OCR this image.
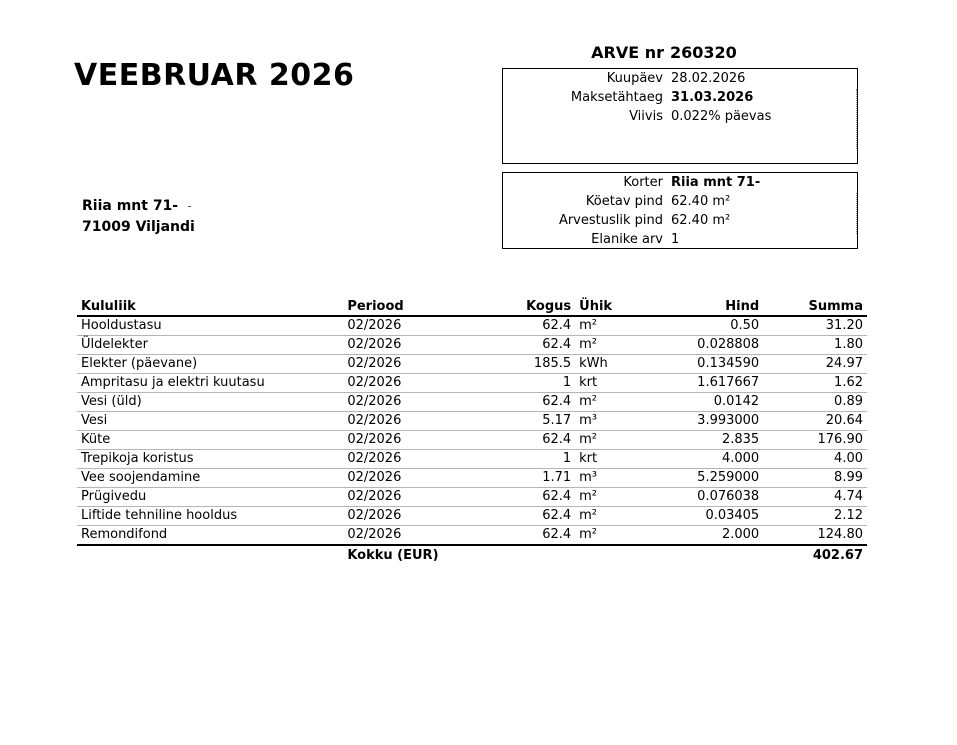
VEEBRUAR 2026
ARVE nr 260320
Kuupäev 28.02.2026
Maksetähtaeg 31.03.2026
Viivis 0.022% päevas
Korter Riia mnt 71-
Köetav pind 62.40 m²
Arvestuslik pind 62.40 m²
Elanike arv 1
Riia mnt 71-
71009 Viljandi
Kululiik	Periood	Kogus	Ühik	Hind	Summa
Hooldustasu	02/2026	62.4	m²	0.50	31.20
Üldelekter	02/2026	62.4	m²	0.028808	1.80
Elekter (päevane)	02/2026	185.5	kWh	0.134590	24.97
Ampritasu ja elektri kuutasu	02/2026	1	krt	1.617667	1.62
Vesi (üld)	02/2026	62.4	m²	0.0142	0.89
Vesi	02/2026	5.17	m³	3.993000	20.64
Küte	02/2026	62.4	m²	2.835	176.90
Trepikoja koristus	02/2026	1	krt	4.000	4.00
Vee soojendamine	02/2026	1.71	m³	5.259000	8.99
Prügivedu	02/2026	62.4	m²	0.076038	4.74
Liftide tehniline hooldus	02/2026	62.4	m²	0.03405	2.12
Remondifond	02/2026	62.4	m²	2.000	124.80
	Kokku (EUR)				402.67
